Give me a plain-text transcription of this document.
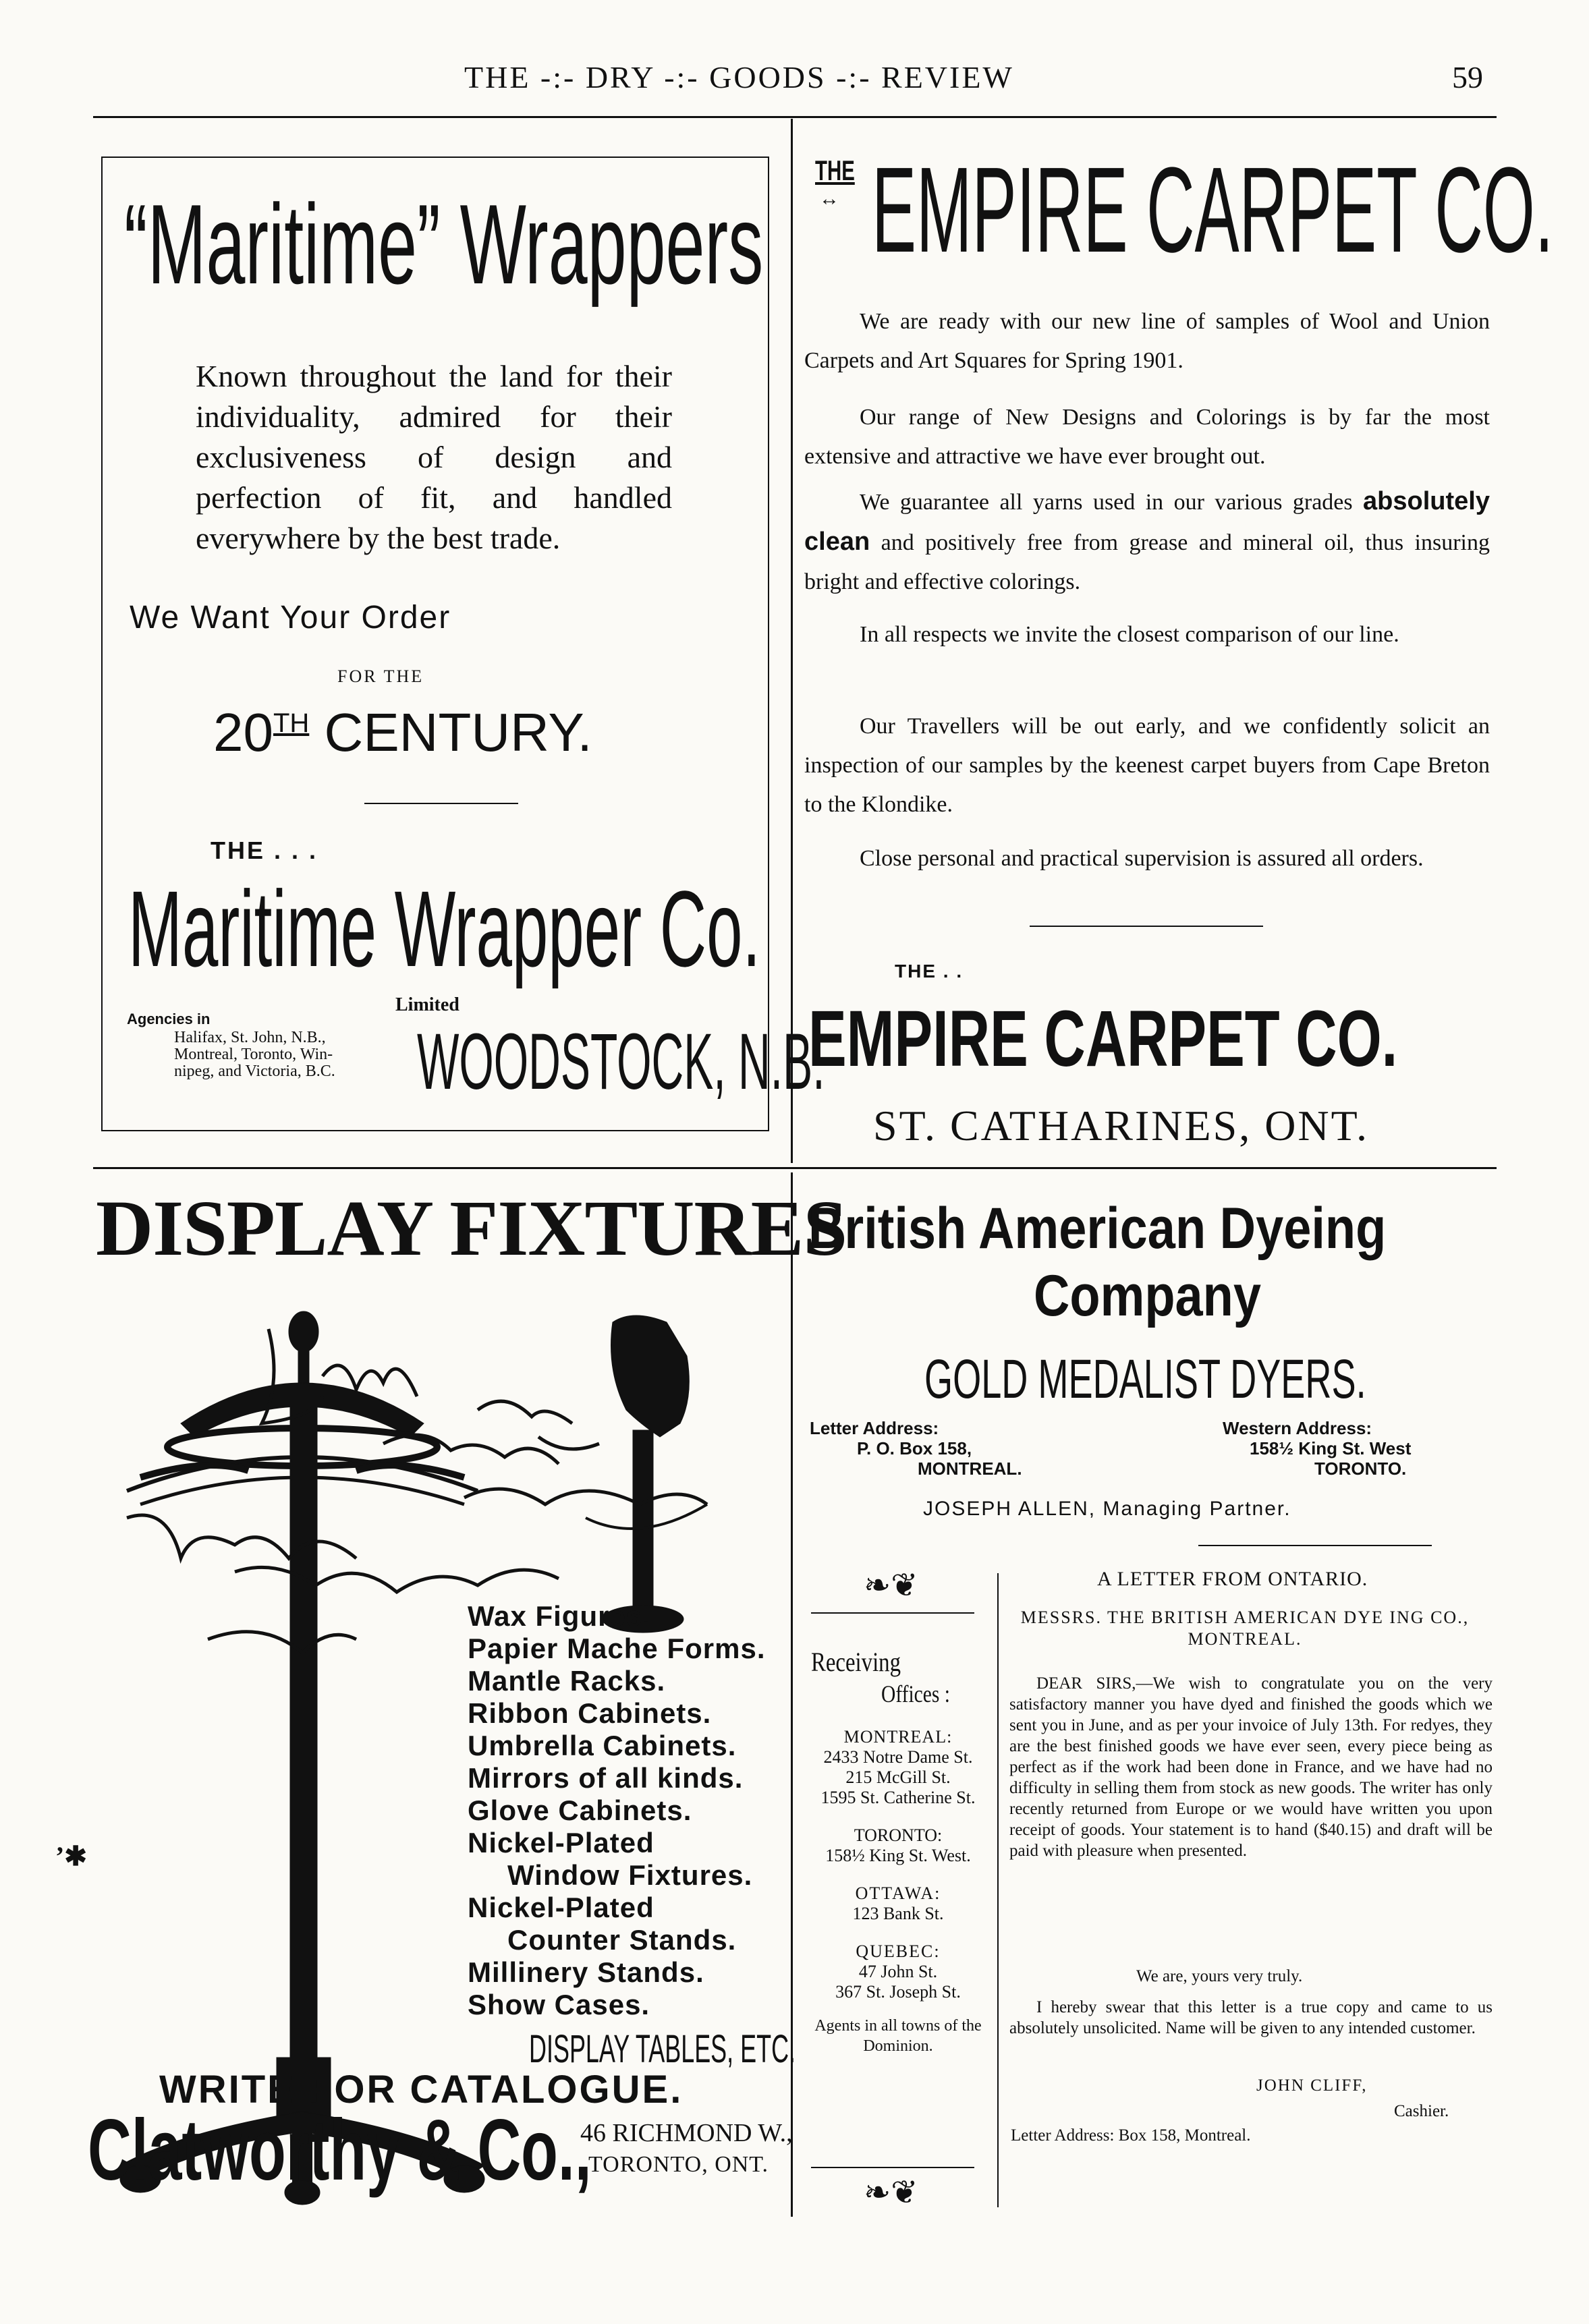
THE -:- DRY -:- GOODS -:- REVIEW	59
“Maritime” Wrappers
Known throughout the land for their individuality, admired for their exclusiveness of design and perfection of fit, and handled everywhere by the best trade.
We Want Your Order
FOR THE
20TH CENTURY.
THE . . .
Maritime Wrapper Co.
Limited
Agencies in
Halifax, St. John, N.B.,
Montreal, Toronto, Win-
nipeg, and Victoria, B.C. WOODSTOCK, N.B.
THE
↔ EMPIRE CARPET CO.
We are ready with our new line of samples of Wool and Union Carpets and Art Squares for Spring 1901.
Our range of New Designs and Colorings is by far the most extensive and attractive we have ever brought out.
We guarantee all yarns used in our various grades absolutely clean and positively free from grease and mineral oil, thus insuring bright and effective colorings.
In all respects we invite the closest comparison of our line.
Our Travellers will be out early, and we confidently solicit an inspection of our samples by the keenest carpet buyers from Cape Breton to the Klondike.
Close personal and practical supervision is assured all orders.
THE . .
EMPIRE CARPET CO.
ST. CATHARINES, ONT.
DISPLAY FIXTURES
’✱
Wax Figures.
Papier Mache Forms.
Mantle Racks.
Ribbon Cabinets.
Umbrella Cabinets.
Mirrors of all kinds.
Glove Cabinets.
Nickel-Plated
Window Fixtures.
Nickel-Plated
Counter Stands.
Millinery Stands.
Show Cases.
DISPLAY TABLES, ETC.
WRITE FOR CATALOGUE.
Clatworthy & Co.,
46 RICHMOND W.,
TORONTO, ONT.
British American Dyeing
Company
GOLD MEDALIST DYERS.
Letter Address:
P. O. Box 158,
MONTREAL.
Western Address:
158½ King St. West
TORONTO.
JOSEPH ALLEN, Managing Partner.
❧❦
Receiving
Offices :
MONTREAL:
2433 Notre Dame St.
215 McGill St.
1595 St. Catherine St.
TORONTO:
158½ King St. West.
OTTAWA:
123 Bank St.
QUEBEC:
47 John St.
367 St. Joseph St.
Agents in all towns of the Dominion.
❧❦
A LETTER FROM ONTARIO.
MESSRS. THE BRITISH AMERICAN DYE ING CO., MONTREAL.
DEAR SIRS,—We wish to congratulate you on the very satisfactory manner you have dyed and finished the goods which we sent you in June, and as per your invoice of July 13th. For redyes, they are the best finished goods we have ever seen, every piece being as perfect as if the work had been done in France, and we have had no difficulty in selling them from stock as new goods. The writer has only recently returned from Europe or we would have written you upon receipt of goods. Your statement is to hand ($40.15) and draft will be paid with pleasure when presented.
We are, yours very truly.
I hereby swear that this letter is a true copy and came to us absolutely unsolicited. Name will be given to any intended customer.
JOHN CLIFF,
Cashier.
Letter Address: Box 158, Montreal.
